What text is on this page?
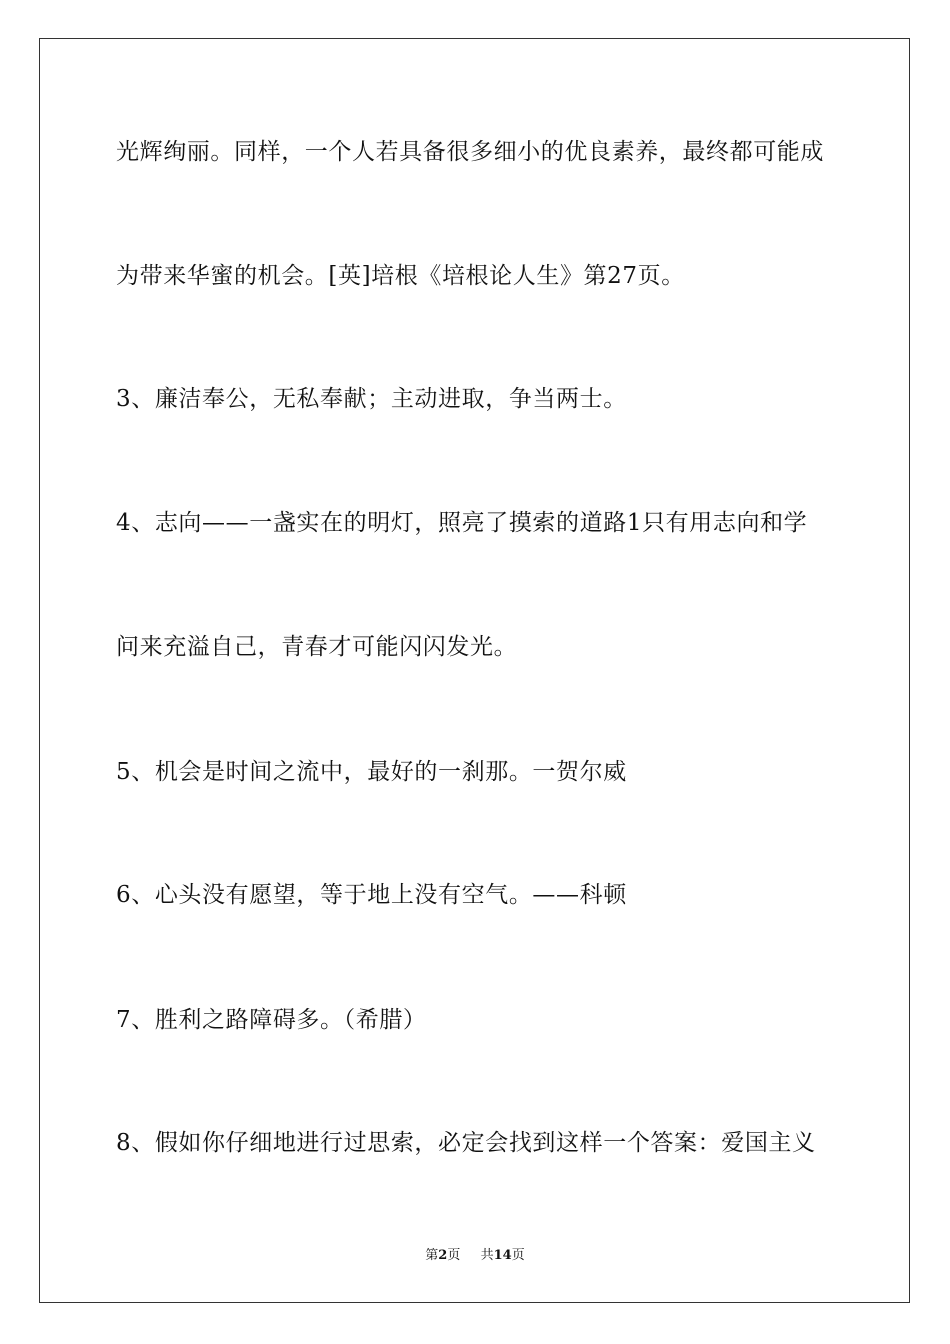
光辉绚丽。同样，一个人若具备很多细小的优良素养，最终都可能成
为带来华蜜的机会。[英]培根《培根论人生》第27页。
3、廉洁奉公，无私奉献；主动进取，争当两士。
4、志向——一盏实在的明灯，照亮了摸索的道路1只有用志向和学
问来充溢自己，青春才可能闪闪发光。
5、机会是时间之流中，最好的一刹那。一贺尔威
6、心头没有愿望，等于地上没有空气。——科顿
7、胜利之路障碍多。（希腊）
8、假如你仔细地进行过思索，必定会找到这样一个答案：爱国主义
第2页 共14页
